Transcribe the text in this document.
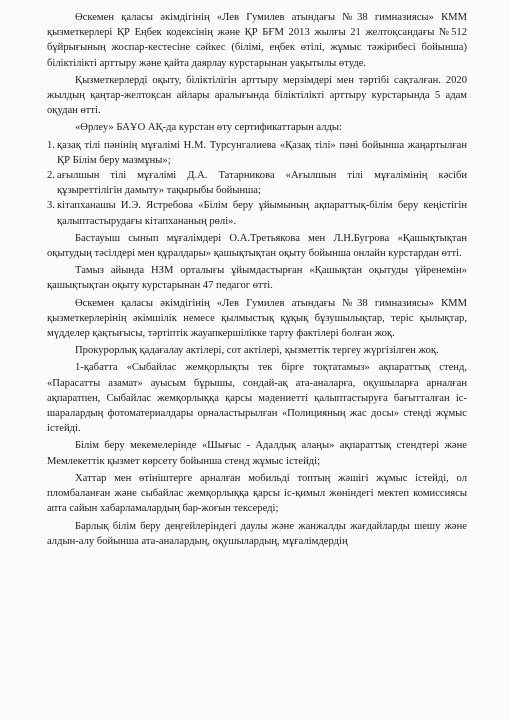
Өскемен қаласы әкімдігінің «Лев Гумилев атындағы №38 гимназиясы» КММ қызметкерлері ҚР Еңбек кодексінің және ҚР БҒМ 2013 жылғы 21 желтоқсандағы №512 бұйрығының жоспар-кестесіне сәйкес (білімі, еңбек өтілі, жұмыс тәжірибесі бойынша) біліктілікті арттыру және қайта даярлау курстарынан уақытылы өтуде.

Қызметкерлерді оқыту, біліктілігін арттыру мерзімдері мен тәртібі сақталған. 2020 жылдың қаңтар-желтоқсан айлары аралығында біліктілікті арттыру курстарында 5 адам оқудан өтті.

«Өрлеу» БАҰО АҚ-да курстан өту сертификаттарын алды:

1. қазақ тілі пәнінің мұғалімі Н.М. Турсунгалиева «Қазақ тілі» пәні бойынша жаңартылған ҚР Білім беру мазмұны»;
2. ағылшын тілі мұғалімі Д.А. Татарникова «Ағылшын тілі мұғалімінің кәсіби құзыреттілігін дамыту» тақырыбы бойынша;
3. кітапханашы И.Э. Ястребова «Білім беру ұйымының ақпараттық-білім беру кеңістігін қалыптастырудағы кітапхананың рөлі».

Бастауыш сынып мұғалімдері О.А.Третьякова мен Л.Н.Бугрова «Қашықтықтан оқытудың тәсілдері мен құралдары» қашықтықтан оқыту бойынша онлайн курстардан өтті.

Тамыз айында НЗМ орталығы ұйымдастырған «Қашықтан оқытуды үйренемін» қашықтықтан оқыту курстарынан 47 педагог өтті.

Өскемен қаласы әкімдігінің «Лев Гумилев атындағы №38 гимназиясы» КММ қызметкерлерінің әкімшілік немесе қылмыстық құқық бұзушылықтар, теріс қылықтар, мүдделер қақтығысы, тәртіптік жауапкершілікке тарту фактілері болған жоқ.

Прокурорлық қадағалау актілері, сот актілері, қызметтік тергеу жүргізілген жоқ.

1-қабатта «Сыбайлас жемқорлықты тек бірге тоқтатамыз» ақпараттық стенд, «Парасатты азамат» ауысым бұрышы, сондай-ақ ата-аналарға, оқушыларға арналған ақпаратпен, Сыбайлас жемқорлыққа қарсы мәдениетті қалыптастыруға бағытталған іс-шаралардың фотоматериалдары орналастырылған «Полицияның жас досы» стенді жұмыс істейді.

Білім беру мекемелерінде «Шығыс - Адалдық алаңы» ақпараттық стендтері және Мемлекеттік қызмет көрсету бойынша стенд жұмыс істейді;

Хаттар мен өтініштерге арналған мобильді топтың жәшігі жұмыс істейді, ол пломбаланған және сыбайлас жемқорлыққа қарсы іс-қимыл жөніндегі мектеп комиссиясы апта сайын хабарламалардың бар-жоғын тексереді;

Барлық білім беру деңгейлеріндегі даулы және жанжалды жағдайларды шешу және алдын-алу бойынша ата-аналардың, оқушылардың, мұғалімдердің
